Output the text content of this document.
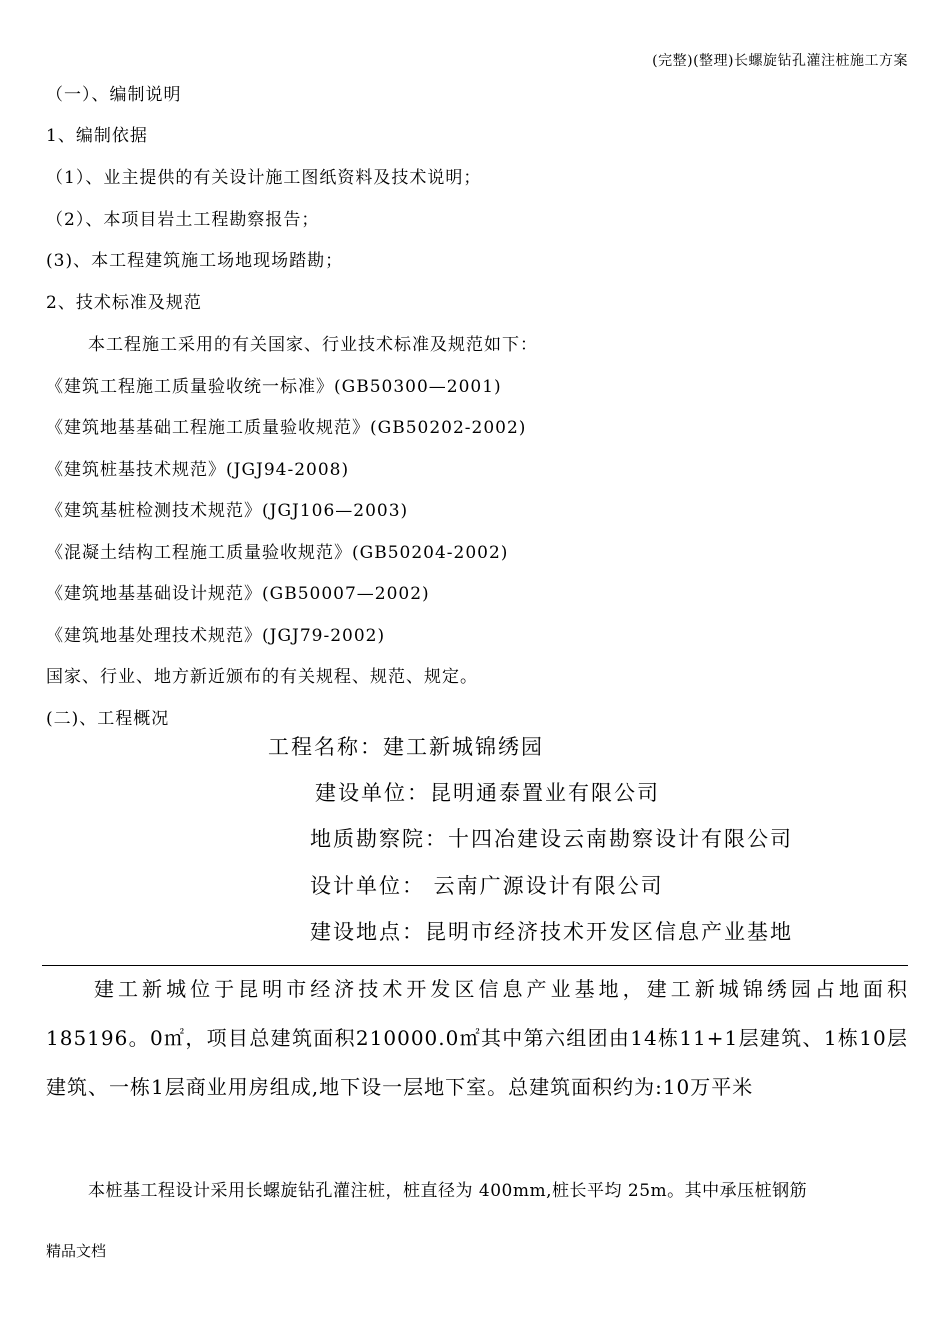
(完整)(整理)长螺旋钻孔灌注桩施工方案
（一）、编制说明
1、编制依据
（1）、业主提供的有关设计施工图纸资料及技术说明；
（2）、本项目岩土工程勘察报告；
(3)、本工程建筑施工场地现场踏勘；
2、技术标准及规范
本工程施工采用的有关国家、行业技术标准及规范如下：
《建筑工程施工质量验收统一标准》(GB50300—2001)
《建筑地基基础工程施工质量验收规范》(GB50202-2002)
《建筑桩基技术规范》(JGJ94-2008)
《建筑基桩检测技术规范》(JGJ106—2003)
《混凝土结构工程施工质量验收规范》(GB50204-2002)
《建筑地基基础设计规范》(GB50007—2002)
《建筑地基处理技术规范》(JGJ79-2002)
国家、行业、地方新近颁布的有关规程、规范、规定。
(二)、工程概况
工程名称：建工新城锦绣园
建设单位：昆明通泰置业有限公司
地质勘察院：十四冶建设云南勘察设计有限公司
设计单位： 云南广源设计有限公司
建设地点：昆明市经济技术开发区信息产业基地
建工新城位于昆明市经济技术开发区信息产业基地，建工新城锦绣园占地面积185196。0㎡，项目总建筑面积210000.0㎡其中第六组团由14栋11+1层建筑、1栋10层建筑、一栋1层商业用房组成,地下设一层地下室。总建筑面积约为:10万平米
本桩基工程设计采用长螺旋钻孔灌注桩，桩直径为 400mm,桩长平均 25m。其中承压桩钢筋
精品文档
